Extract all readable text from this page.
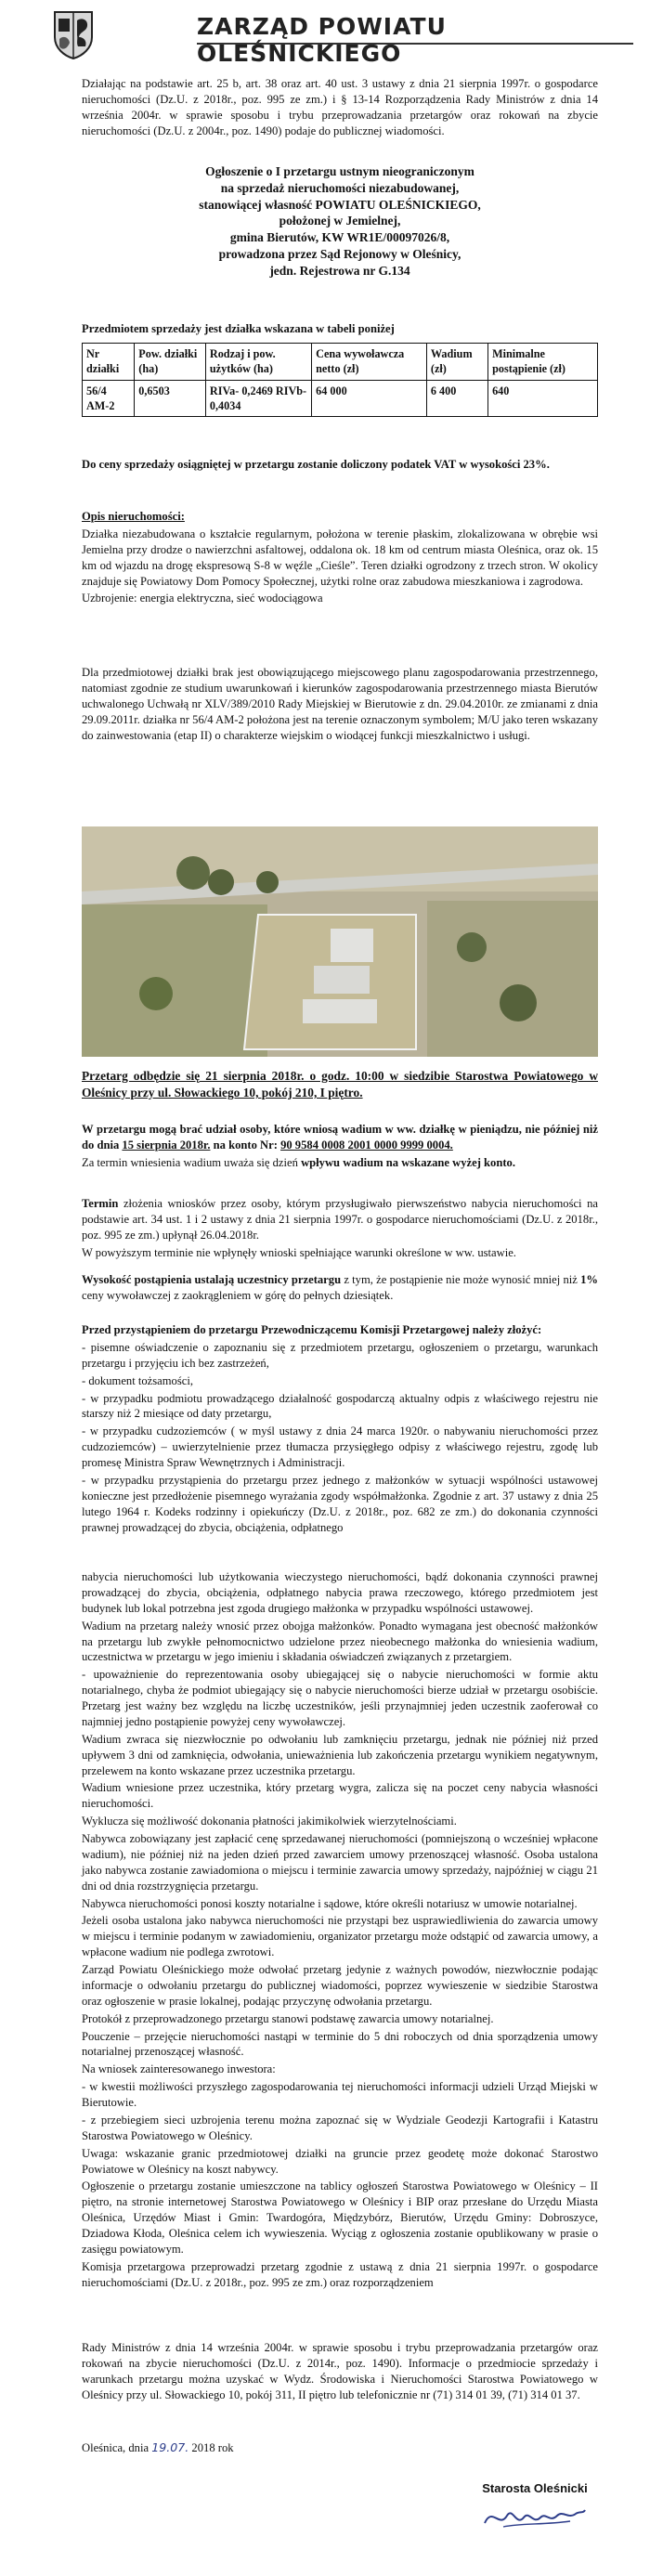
ZARZĄD POWIATU OLEŚNICKIEGO
Działając na podstawie art. 25 b, art. 38 oraz art. 40 ust. 3 ustawy z dnia 21 sierpnia 1997r. o gospodarce nieruchomości (Dz.U. z 2018r., poz. 995 ze zm.) i § 13-14 Rozporządzenia Rady Ministrów z dnia 14 września 2004r. w sprawie sposobu i trybu przeprowadzania przetargów oraz rokowań na zbycie nieruchomości (Dz.U. z 2004r., poz. 1490) podaje do publicznej wiadomości.
Ogłoszenie o I przetargu ustnym nieograniczonym
na sprzedaż nieruchomości niezabudowanej,
stanowiącej własność POWIATU OLEŚNICKIEGO,
położonej w Jemielnej,
gmina Bierutów, KW WR1E/00097026/8,
prowadzona przez Sąd Rejonowy w Oleśnicy,
jedn. Rejestrowa nr G.134

Przedmiotem sprzedaży jest działka wskazana w tabeli poniżej

Nr działki	Pow. działki (ha)	Rodzaj i pow. użytków (ha)	Cena wywoławcza netto (zł)	Wadium (zł)	Minimalne postąpienie (zł)
56/4 AM-2	0,6503	RIVa- 0,2469 RIVb-0,4034	64 000	6 400	640
Do ceny sprzedaży osiągniętej w przetargu zostanie doliczony podatek VAT w wysokości 23%.

Opis nieruchomości:

Działka niezabudowana o kształcie regularnym, położona w terenie płaskim, zlokalizowana w obrębie wsi Jemielna przy drodze o nawierzchni asfaltowej, oddalona ok. 18 km od centrum miasta Oleśnica, oraz ok. 15 km od wjazdu na drogę ekspresową S-8 w węźle „Cieśle”. Teren działki ogrodzony z trzech stron. W okolicy znajduje się Powiatowy Dom Pomocy Społecznej, użytki rolne oraz zabudowa mieszkaniowa i zagrodowa.

Uzbrojenie: energia elektryczna, sieć wodociągowa

Dla przedmiotowej działki brak jest obowiązującego miejscowego planu zagospodarowania przestrzennego, natomiast zgodnie ze studium uwarunkowań i kierunków zagospodarowania przestrzennego miasta Bierutów uchwalonego Uchwałą nr XLV/389/2010 Rady Miejskiej w Bierutowie z dn. 29.04.2010r. ze zmianami z dnia 29.09.2011r. działka nr 56/4 AM-2 położona jest na terenie oznaczonym symbolem; M/U jako teren wskazany do zainwestowania (etap II) o charakterze wiejskim o wiodącej funkcji mieszkalnictwo i usługi.
Przetarg odbędzie się 21 sierpnia 2018r. o godz. 10:00 w siedzibie Starostwa Powiatowego w Oleśnicy przy ul. Słowackiego 10, pokój 210, I piętro.

W przetargu mogą brać udział osoby, które wniosą wadium w ww. działkę w pieniądzu, nie później niż do dnia 15 sierpnia 2018r. na konto Nr: 90 9584 0008 2001 0000 9999 0004.

Za termin wniesienia wadium uważa się dzień wpływu wadium na wskazane wyżej konto.

Termin złożenia wniosków przez osoby, którym przysługiwało pierwszeństwo nabycia nieruchomości na podstawie art. 34 ust. 1 i 2 ustawy z dnia 21 sierpnia 1997r. o gospodarce nieruchomościami (Dz.U. z 2018r., poz. 995 ze zm.) upłynął 26.04.2018r.

W powyższym terminie nie wpłynęły wnioski spełniające warunki określone w ww. ustawie.

Wysokość postąpienia ustalają uczestnicy przetargu z tym, że postąpienie nie może wynosić mniej niż 1% ceny wywoławczej z zaokrągleniem w górę do pełnych dziesiątek.

Przed przystąpieniem do przetargu Przewodniczącemu Komisji Przetargowej należy złożyć:

- pisemne oświadczenie o zapoznaniu się z przedmiotem przetargu, ogłoszeniem o przetargu, warunkach przetargu i przyjęciu ich bez zastrzeżeń,
- dokument tożsamości,
- w przypadku podmiotu prowadzącego działalność gospodarczą aktualny odpis z właściwego rejestru nie starszy niż 2 miesiące od daty przetargu,
- w przypadku cudzoziemców ( w myśl ustawy z dnia 24 marca 1920r. o nabywaniu nieruchomości przez cudzoziemców) – uwierzytelnienie przez tłumacza przysięgłego odpisy z właściwego rejestru, zgodę lub promesę Ministra Spraw Wewnętrznych i Administracji.
- w przypadku przystąpienia do przetargu przez jednego z małżonków w sytuacji wspólności ustawowej konieczne jest przedłożenie pisemnego wyrażania zgody współmałżonka. Zgodnie z art. 37 ustawy z dnia 25 lutego 1964 r. Kodeks rodzinny i opiekuńczy (Dz.U. z 2018r., poz. 682 ze zm.) do dokonania czynności prawnej prowadzącej do zbycia, obciążenia, odpłatnego

nabycia nieruchomości lub użytkowania wieczystego nieruchomości, bądź dokonania czynności prawnej prowadzącej do zbycia, obciążenia, odpłatnego nabycia prawa rzeczowego, którego przedmiotem jest budynek lub lokal potrzebna jest zgoda drugiego małżonka w przypadku wspólności ustawowej.

Wadium na przetarg należy wnosić przez obojga małżonków. Ponadto wymagana jest obecność małżonków na przetargu lub zwykłe pełnomocnictwo udzielone przez nieobecnego małżonka do wniesienia wadium, uczestnictwa w przetargu w jego imieniu i składania oświadczeń związanych z przetargiem.

- upoważnienie do reprezentowania osoby ubiegającej się o nabycie nieruchomości w formie aktu notarialnego, chyba że podmiot ubiegający się o nabycie nieruchomości bierze udział w przetargu osobiście. Przetarg jest ważny bez względu na liczbę uczestników, jeśli przynajmniej jeden uczestnik zaoferował co najmniej jedno postąpienie powyżej ceny wywoławczej.

Wadium zwraca się niezwłocznie po odwołaniu lub zamknięciu przetargu, jednak nie później niż przed upływem 3 dni od zamknięcia, odwołania, unieważnienia lub zakończenia przetargu wynikiem negatywnym, przelewem na konto wskazane przez uczestnika przetargu.

Wadium wniesione przez uczestnika, który przetarg wygra, zalicza się na poczet ceny nabycia własności nieruchomości.

Wyklucza się możliwość dokonania płatności jakimikolwiek wierzytelnościami.

Nabywca zobowiązany jest zapłacić cenę sprzedawanej nieruchomości (pomniejszoną o wcześniej wpłacone wadium), nie później niż na jeden dzień przed zawarciem umowy przenoszącej własność. Osoba ustalona jako nabywca zostanie zawiadomiona o miejscu i terminie zawarcia umowy sprzedaży, najpóźniej w ciągu 21 dni od dnia rozstrzygnięcia przetargu.

Nabywca nieruchomości ponosi koszty notarialne i sądowe, które określi notariusz w umowie notarialnej.

Jeżeli osoba ustalona jako nabywca nieruchomości nie przystąpi bez usprawiedliwienia do zawarcia umowy w miejscu i terminie podanym w zawiadomieniu, organizator przetargu może odstąpić od zawarcia umowy, a wpłacone wadium nie podlega zwrotowi.

Zarząd Powiatu Oleśnickiego może odwołać przetarg jedynie z ważnych powodów, niezwłocznie podając informacje o odwołaniu przetargu do publicznej wiadomości, poprzez wywieszenie w siedzibie Starostwa oraz ogłoszenie w prasie lokalnej, podając przyczynę odwołania przetargu.

Protokół z przeprowadzonego przetargu stanowi podstawę zawarcia umowy notarialnej.

Pouczenie – przejęcie nieruchomości nastąpi w terminie do 5 dni roboczych od dnia sporządzenia umowy notarialnej przenoszącej własność.

Na wniosek zainteresowanego inwestora:

- w kwestii możliwości przyszłego zagospodarowania tej nieruchomości informacji udzieli Urząd Miejski w Bierutowie.

- z przebiegiem sieci uzbrojenia terenu można zapoznać się w Wydziale Geodezji Kartografii i Katastru Starostwa Powiatowego w Oleśnicy.

Uwaga: wskazanie granic przedmiotowej działki na gruncie przez geodetę może dokonać Starostwo Powiatowe w Oleśnicy na koszt nabywcy.

Ogłoszenie o przetargu zostanie umieszczone na tablicy ogłoszeń Starostwa Powiatowego w Oleśnicy – II piętro, na stronie internetowej Starostwa Powiatowego w Oleśnicy i BIP oraz przesłane do Urzędu Miasta Oleśnica, Urzędów Miast i Gmin: Twardogóra, Międzybórz, Bierutów, Urzędu Gminy: Dobroszyce, Dziadowa Kłoda, Oleśnica celem ich wywieszenia. Wyciąg z ogłoszenia zostanie opublikowany w prasie o zasięgu powiatowym.

Komisja przetargowa przeprowadzi przetarg zgodnie z ustawą z dnia 21 sierpnia 1997r. o gospodarce nieruchomościami (Dz.U. z 2018r., poz. 995 ze zm.) oraz rozporządzeniem

Rady Ministrów z dnia 14 września 2004r. w sprawie sposobu i trybu przeprowadzania przetargów oraz rokowań na zbycie nieruchomości (Dz.U. z 2014r., poz. 1490). Informacje o przedmiocie sprzedaży i warunkach przetargu można uzyskać w Wydz. Środowiska i Nieruchomości Starostwa Powiatowego w Oleśnicy przy ul. Słowackiego 10, pokój 311, II piętro lub telefonicznie nr (71) 314 01 39, (71) 314 01 37.
Oleśnica, dnia 19.07. 2018 rok
Starosta Oleśnicki
